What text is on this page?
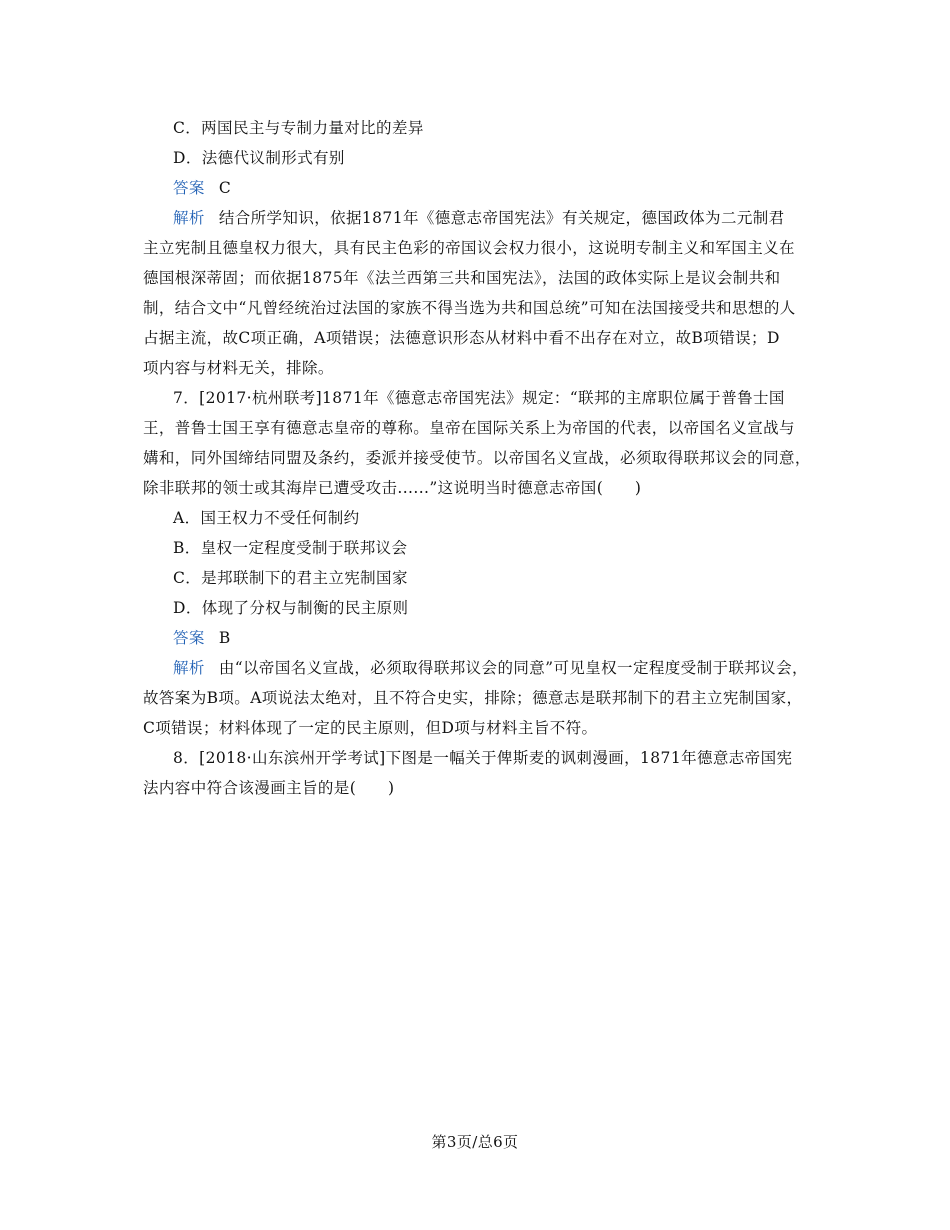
C．两国民主与专制力量对比的差异
D．法德代议制形式有别
答案 C
解析 结合所学知识，依据1871年《德意志帝国宪法》有关规定，德国政体为二元制君
主立宪制且德皇权力很大，具有民主色彩的帝国议会权力很小，这说明专制主义和军国主义在
德国根深蒂固；而依据1875年《法兰西第三共和国宪法》，法国的政体实际上是议会制共和
制，结合文中“凡曾经统治过法国的家族不得当选为共和国总统”可知在法国接受共和思想的人
占据主流，故C项正确，A项错误；法德意识形态从材料中看不出存在对立，故B项错误；D
项内容与材料无关，排除。
7．[2017·杭州联考]1871年《德意志帝国宪法》规定：“联邦的主席职位属于普鲁士国
王，普鲁士国王享有德意志皇帝的尊称。皇帝在国际关系上为帝国的代表，以帝国名义宣战与
媾和，同外国缔结同盟及条约，委派并接受使节。以帝国名义宣战，必须取得联邦议会的同意，
除非联邦的领士或其海岸已遭受攻击......”这说明当时德意志帝国(　　)
A．国王权力不受任何制约
B．皇权一定程度受制于联邦议会
C．是邦联制下的君主立宪制国家
D．体现了分权与制衡的民主原则
答案 B
解析 由“以帝国名义宣战，必须取得联邦议会的同意”可见皇权一定程度受制于联邦议会，
故答案为B项。A项说法太绝对，且不符合史实，排除；德意志是联邦制下的君主立宪制国家，
C项错误；材料体现了一定的民主原则，但D项与材料主旨不符。
8．[2018·山东滨州开学考试]下图是一幅关于俾斯麦的讽刺漫画，1871年德意志帝国宪
法内容中符合该漫画主旨的是(　　)
第3页/总6页
